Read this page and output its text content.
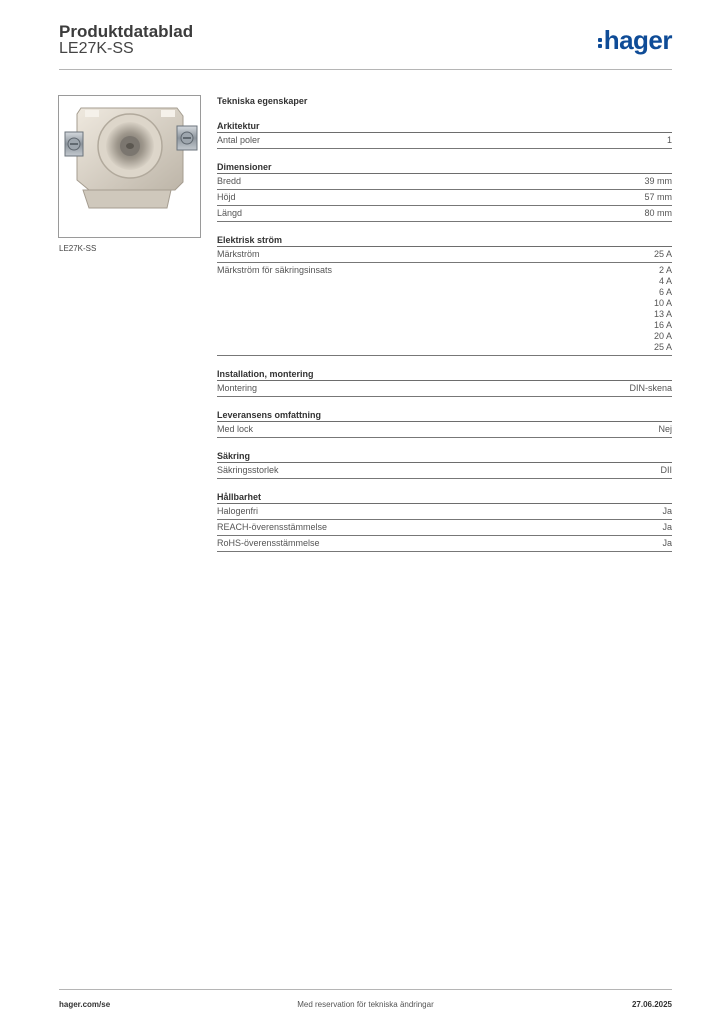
Produktdatablad
LE27K-SS	hager
LE27K-SS
Tekniska egenskaper
Arkitektur
Antal poler	1
Dimensioner
Bredd	39 mm
Höjd	57 mm
Längd	80 mm
Elektrisk ström
Märkström	25 A
Märkström för säkringsinsats	2 A
4 A
6 A
10 A
13 A
16 A
20 A
25 A
Installation, montering
Montering	DIN-skena
Leveransens omfattning
Med lock	Nej
Säkring
Säkringsstorlek	DII
Hållbarhet
Halogenfri	Ja
REACH-överensstämmelse	Ja
RoHS-överensstämmelse	Ja
hager.com/se	Med reservation för tekniska ändringar	27.06.2025
